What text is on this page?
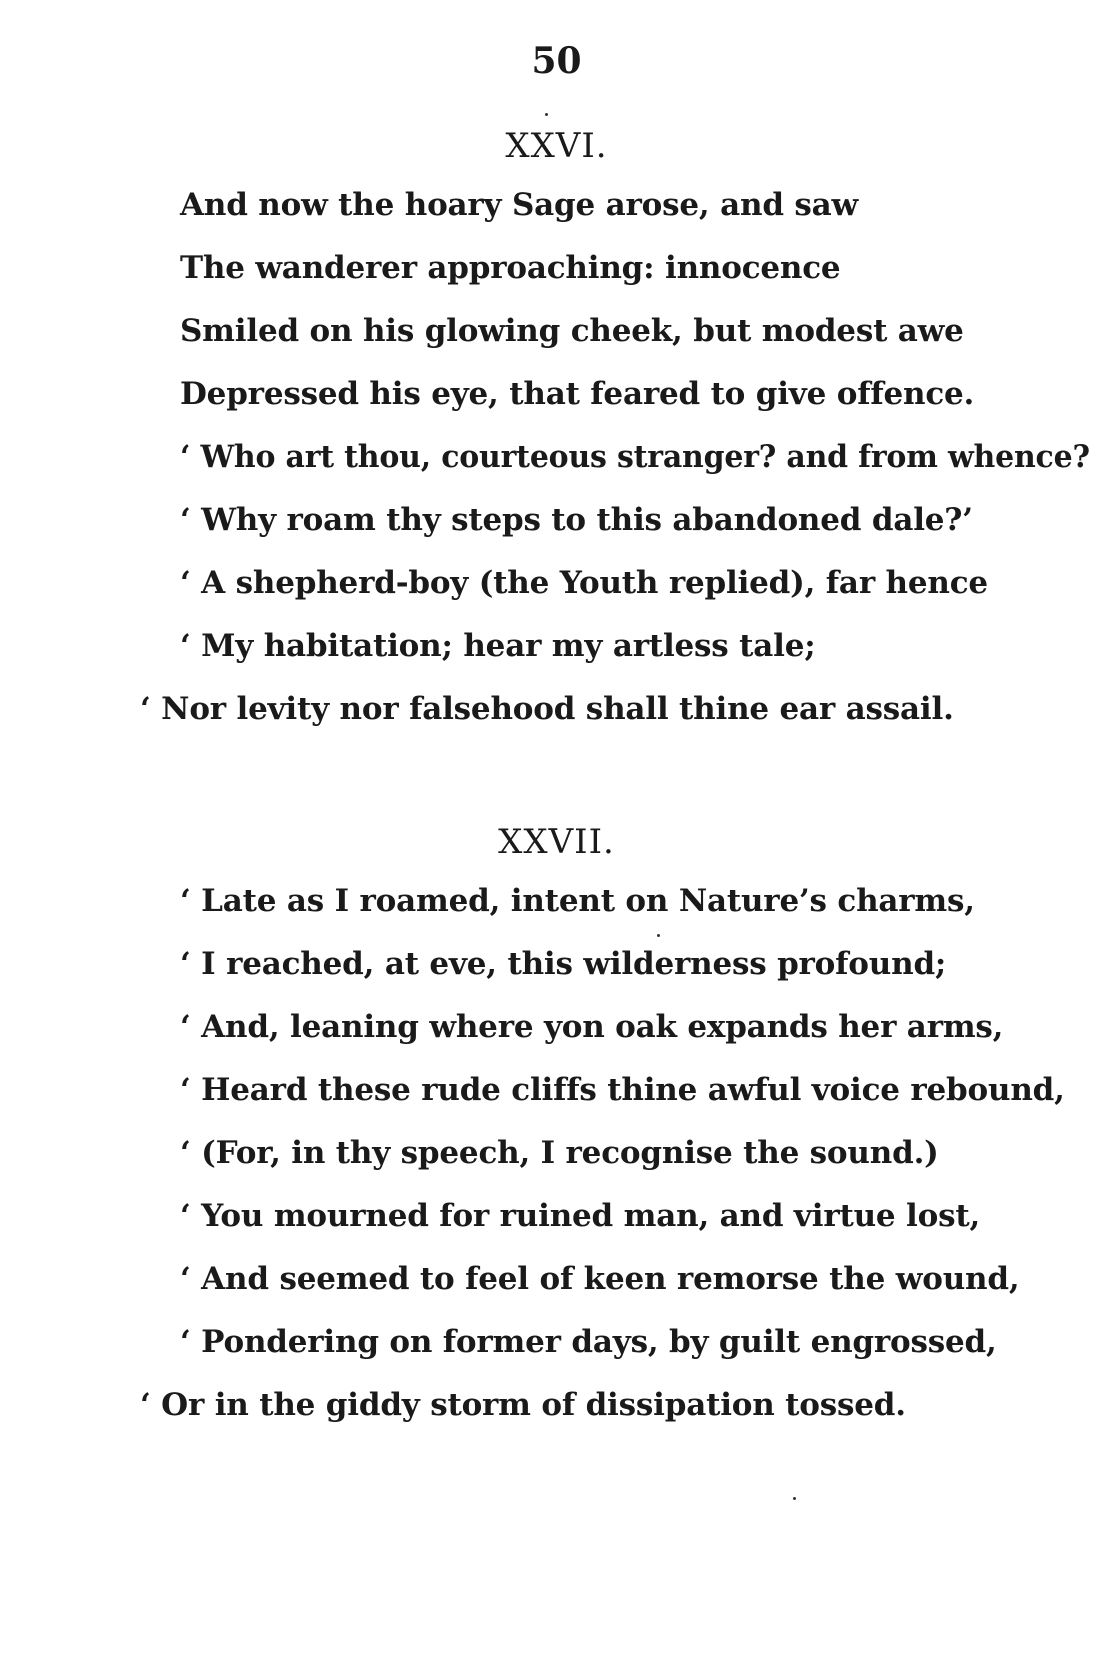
50
XXVI.
And now the hoary Sage arose, and saw
The wanderer approaching: innocence
Smiled on his glowing cheek, but modest awe
Depressed his eye, that feared to give offence.
‘ Who art thou, courteous stranger? and from whence?
‘ Why roam thy steps to this abandoned dale?’
‘ A shepherd-boy (the Youth replied), far hence
‘ My habitation; hear my artless tale;
‘ Nor levity nor falsehood shall thine ear assail.
XXVII.
‘ Late as I roamed, intent on Nature’s charms,
‘ I reached, at eve, this wilderness profound;
‘ And, leaning where yon oak expands her arms,
‘ Heard these rude cliffs thine awful voice rebound,
‘ (For, in thy speech, I recognise the sound.)
‘ You mourned for ruined man, and virtue lost,
‘ And seemed to feel of keen remorse the wound,
‘ Pondering on former days, by guilt engrossed,
‘ Or in the giddy storm of dissipation tossed.
